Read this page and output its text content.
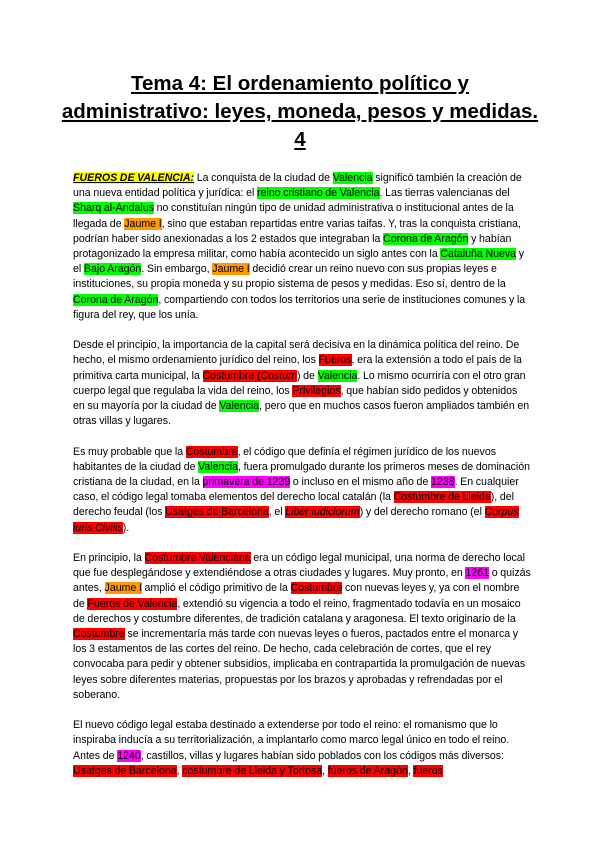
Tema 4: El ordenamiento político y
administrativo: leyes, moneda, pesos y medidas.
4

FUEROS DE VALENCIA: La conquista de la ciudad de Valencia significó también la creación de una nueva entidad política y jurídica: el reino cristiano de Valencia. Las tierras valencianas del Sharq al-Andalus no constituían ningún tipo de unidad administrativa o institucional antes de la llegada de Jaume I, sino que estaban repartidas entre varias taifas. Y, tras la conquista cristiana, podrían haber sido anexionadas a los 2 estados que integraban la Corona de Aragón y habían protagonizado la empresa militar, como había acontecido un siglo antes con la Cataluña Nueva y el Bajo Aragón. Sin embargo, Jaume I decidió crear un reino nuevo con sus propias leyes e instituciones, su propia moneda y su propio sistema de pesos y medidas. Eso sí, dentro de la Corona de Aragón, compartiendo con todos los territorios una serie de instituciones comunes y la figura del rey, que los unía.

Desde el principio, la importancia de la capital será decisiva en la dinámica política del reino. De hecho, el mismo ordenamiento jurídico del reino, los Fueros, era la extensión a todo el país de la primitiva carta municipal, la Costumbre (Costum) de Valencia. Lo mismo ocurriría con el otro gran cuerpo legal que regulaba la vida del reino, los Privilegios, que habían sido pedidos y obtenidos en su mayoría por la ciudad de Valencia, pero que en muchos casos fueron ampliados también en otras villas y lugares.

Es muy probable que la Costumbre, el código que definía el régimen jurídico de los nuevos habitantes de la ciudad de Valencia, fuera promulgado durante los primeros meses de dominación cristiana de la ciudad, en la primavera de 1239 o incluso en el mismo año de 1238. En cualquier caso, el código legal tomaba elementos del derecho local catalán (la Costumbre de Lleida), del derecho feudal (los Usatges de Barcelona, el Liber iudiciorum) y del derecho romano (el Corpus iuris Civilis).

En principio, la Costumbre Valenciana era un código legal municipal, una norma de derecho local que fue desplegándose y extendiéndose a otras ciudades y lugares. Muy pronto, en 1261 o quizás antes, Jaume I amplió el código primitivo de la Costumbre con nuevas leyes y, ya con el nombre de Fueros de Valencia, extendió su vigencia a todo el reino, fragmentado todavía en un mosaico de derechos y costumbre diferentes, de tradición catalana y aragonesa. El texto originario de la Costumbre se incrementaría más tarde con nuevas leyes o fueros, pactados entre el monarca y los 3 estamentos de las cortes del reino. De hecho, cada celebración de cortes, que el rey convocaba para pedir y obtener subsidios, implicaba en contrapartida la promulgación de nuevas leyes sobre diferentes materias, propuestas por los brazos y aprobadas y refrendadas por el soberano.

El nuevo código legal estaba destinado a extenderse por todo el reino: el romanismo que lo inspiraba inducía a su territorialización, a implantarlo como marco legal único en todo el reino. Antes de 1240, castillos, villas y lugares habían sido poblados con los códigos más diversos: Usatges de Barcelona, costumbre de Lleida y Tortosa, fueros de Aragón, fueros
